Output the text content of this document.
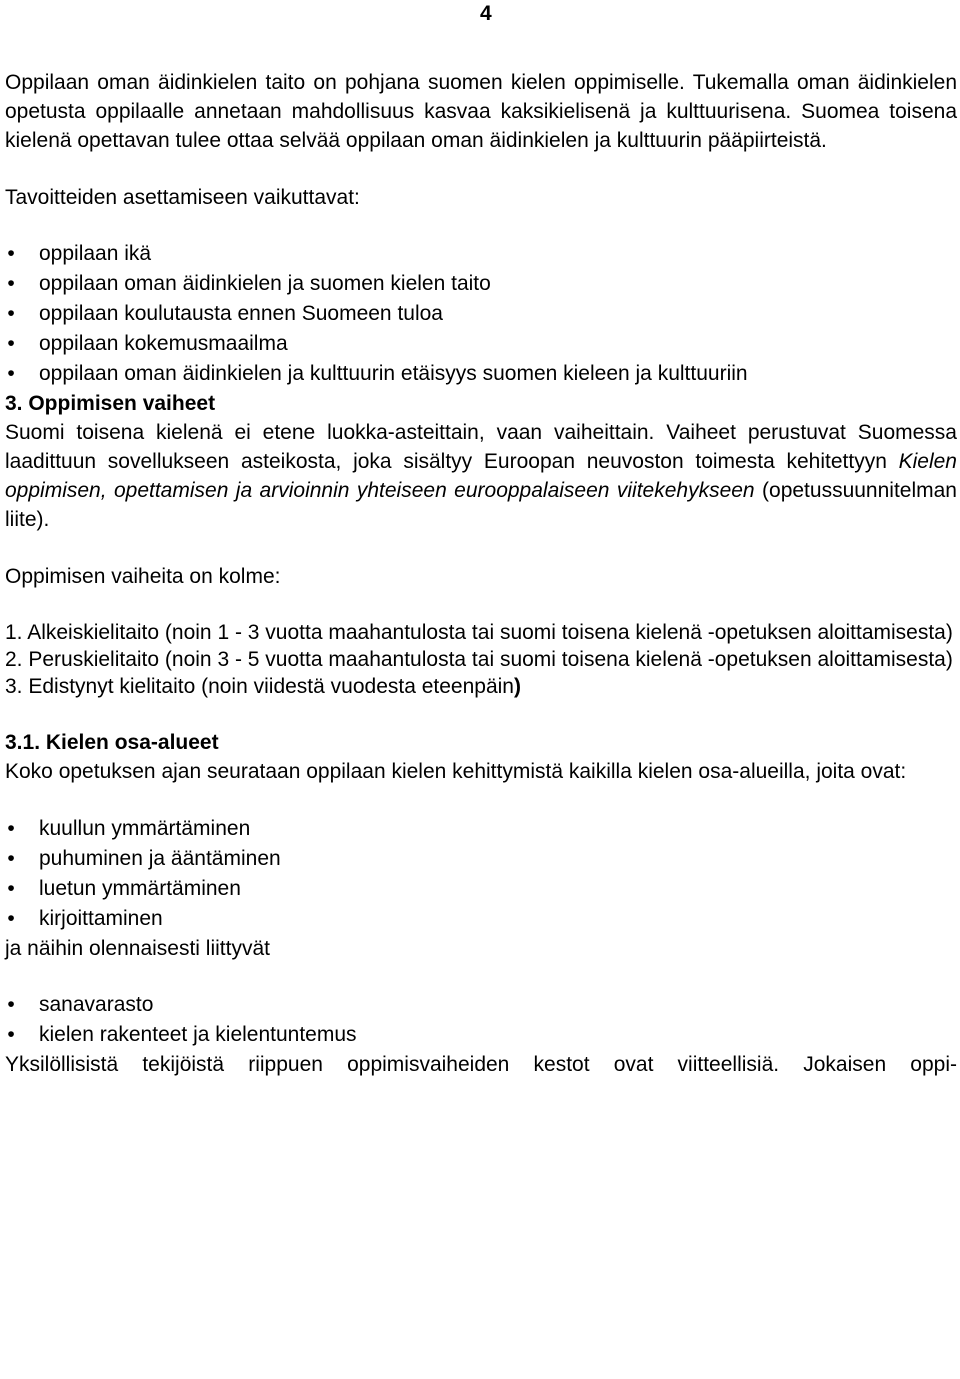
4

Oppilaan oman äidinkielen taito on pohjana suomen kielen oppimiselle. Tukemalla oman äidinkielen opetusta oppilaalle annetaan mahdollisuus kasvaa kaksikielisenä ja kulttuurisena. Suomea toisena kielenä opettavan tulee ottaa selvää oppilaan oman äidinkielen ja kulttuurin pääpiirteistä.

Tavoitteiden asettamiseen vaikuttavat:

• oppilaan ikä
• oppilaan oman äidinkielen ja suomen kielen taito
• oppilaan koulutausta ennen Suomeen tuloa
• oppilaan kokemusmaailma
• oppilaan oman äidinkielen ja kulttuurin etäisyys suomen kieleen ja kulttuuriin
3. Oppimisen vaiheet

Suomi toisena kielenä ei etene luokka-asteittain, vaan vaiheittain. Vaiheet perustuvat Suomessa laadittuun sovellukseen asteikosta, joka sisältyy Euroopan neuvoston toimesta kehitettyyn Kielen oppimisen, opettamisen ja arvioinnin yhteiseen eurooppalaiseen viitekehykseen (opetussuunnitelman liite).

Oppimisen vaiheita on kolme:

1. Alkeiskielitaito (noin 1 - 3 vuotta maahantulosta tai suomi toisena kielenä -opetuksen aloittamisesta)

2. Peruskielitaito (noin 3 - 5 vuotta maahantulosta tai suomi toisena kielenä -opetuksen aloittamisesta)

3. Edistynyt kielitaito (noin viidestä vuodesta eteenpäin)

3.1. Kielen osa-alueet

Koko opetuksen ajan seurataan oppilaan kielen kehittymistä kaikilla kielen osa-alueilla, joita ovat:

• kuullun ymmärtäminen
• puhuminen ja ääntäminen
• luetun ymmärtäminen
• kirjoittaminen

ja näihin olennaisesti liittyvät

• sanavarasto
• kielen rakenteet ja kielentuntemus

Yksilöllisistä tekijöistä riippuen oppimisvaiheiden kestot ovat viitteellisiä. Jokaisen oppi-
